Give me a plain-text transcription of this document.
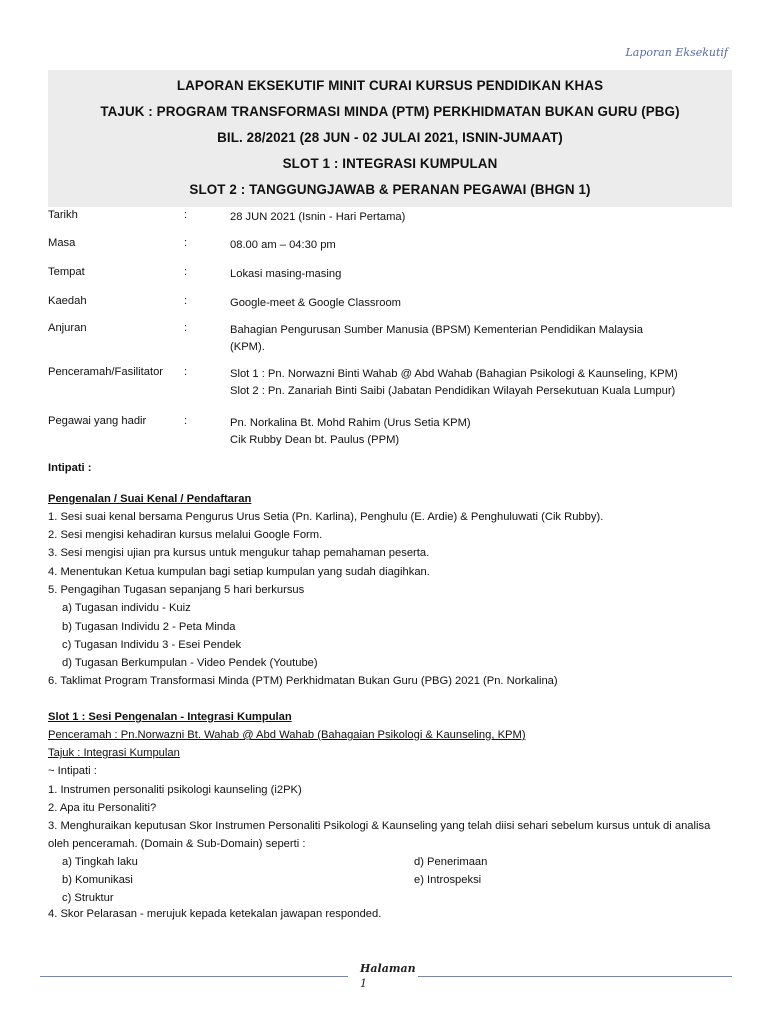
Laporan Eksekutif
LAPORAN EKSEKUTIF MINIT CURAI KURSUS PENDIDIKAN KHAS
TAJUK : PROGRAM TRANSFORMASI MINDA (PTM) PERKHIDMATAN BUKAN GURU (PBG)
BIL. 28/2021 (28 JUN - 02 JULAI 2021, ISNIN-JUMAAT)
SLOT 1 : INTEGRASI KUMPULAN
SLOT 2 : TANGGUNGJAWAB & PERANAN PEGAWAI (BHGN 1)
Tarikh	:	28 JUN 2021 (Isnin - Hari Pertama)
Masa	:	08.00 am – 04:30 pm
Tempat	:	Lokasi masing-masing
Kaedah	:	Google-meet & Google Classroom
Anjuran	:	Bahagian Pengurusan Sumber Manusia (BPSM) Kementerian Pendidikan Malaysia
(KPM).
Penceramah/Fasilitator :	Slot 1 : Pn. Norwazni Binti Wahab @ Abd Wahab (Bahagian Psikologi & Kaunseling, KPM)
Slot 2 : Pn. Zanariah Binti Saibi (Jabatan Pendidikan Wilayah Persekutuan Kuala Lumpur)
Pegawai yang hadir	:	Pn. Norkalina Bt. Mohd Rahim (Urus Setia KPM)
Cik Rubby Dean bt. Paulus (PPM)
Intipati :
Pengenalan / Suai Kenal / Pendaftaran
1. Sesi suai kenal bersama Pengurus Urus Setia (Pn. Karlina), Penghulu (E. Ardie) & Penghuluwati (Cik Rubby).
2. Sesi mengisi kehadiran kursus melalui Google Form.
3. Sesi mengisi ujian pra kursus untuk mengukur tahap pemahaman peserta.
4. Menentukan Ketua kumpulan bagi setiap kumpulan yang sudah diagihkan.
5. Pengagihan Tugasan sepanjang 5 hari berkursus
a) Tugasan individu - Kuiz
b) Tugasan Individu 2 - Peta Minda
c) Tugasan Individu 3 - Esei Pendek
d) Tugasan Berkumpulan - Video Pendek (Youtube)
6. Taklimat Program Transformasi Minda (PTM) Perkhidmatan Bukan Guru (PBG) 2021 (Pn. Norkalina)
Slot 1 : Sesi Pengenalan - Integrasi Kumpulan
Penceramah : Pn.Norwazni Bt. Wahab @ Abd Wahab (Bahagaian Psikologi & Kaunseling, KPM)
Tajuk : Integrasi Kumpulan
~ Intipati :
1. Instrumen personaliti psikologi kaunseling (i2PK)
2. Apa itu Personaliti?
3. Menghuraikan keputusan Skor Instrumen Personaliti Psikologi & Kaunseling yang telah diisi sehari sebelum kursus untuk di analisa
oleh penceramah. (Domain & Sub-Domain) seperti :
a) Tingkah laku
b) Komunikasi
c) Struktur
d) Penerimaan
e) Introspeksi
4. Skor Pelarasan - merujuk kepada ketekalan jawapan responded.
Halaman
1
